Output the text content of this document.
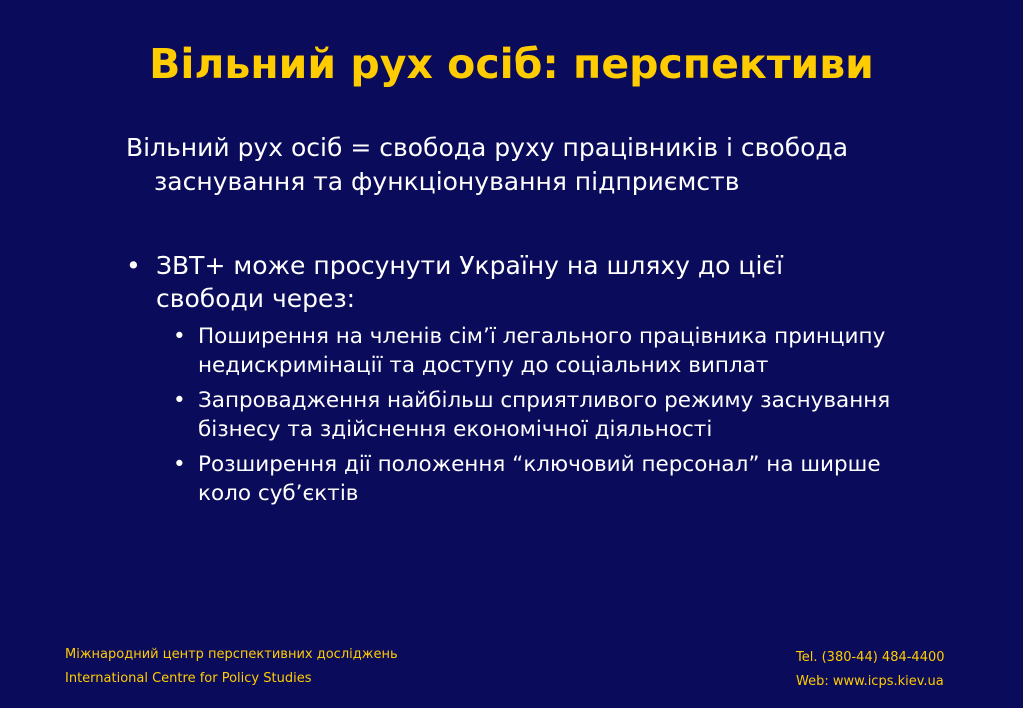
Вільний рух осіб: перспективи
Вільний рух осіб = свобода руху працівників і свобода заснування та функціонування підприємств
• ЗВТ+ може просунути Україну на шляху до цієї свободи через:
• Поширення на членів сім’ї легального працівника принципу недискримінації та доступу до соціальних виплат
• Запровадження найбільш сприятливого режиму заснування бізнесу та здійснення економічної діяльності
• Розширення дії положення “ключовий персонал” на ширше коло суб’єктів
Міжнародний центр перспективних досліджень
International Centre for Policy Studies
Tel. (380-44) 484-4400
Web: www.icps.kiev.ua
